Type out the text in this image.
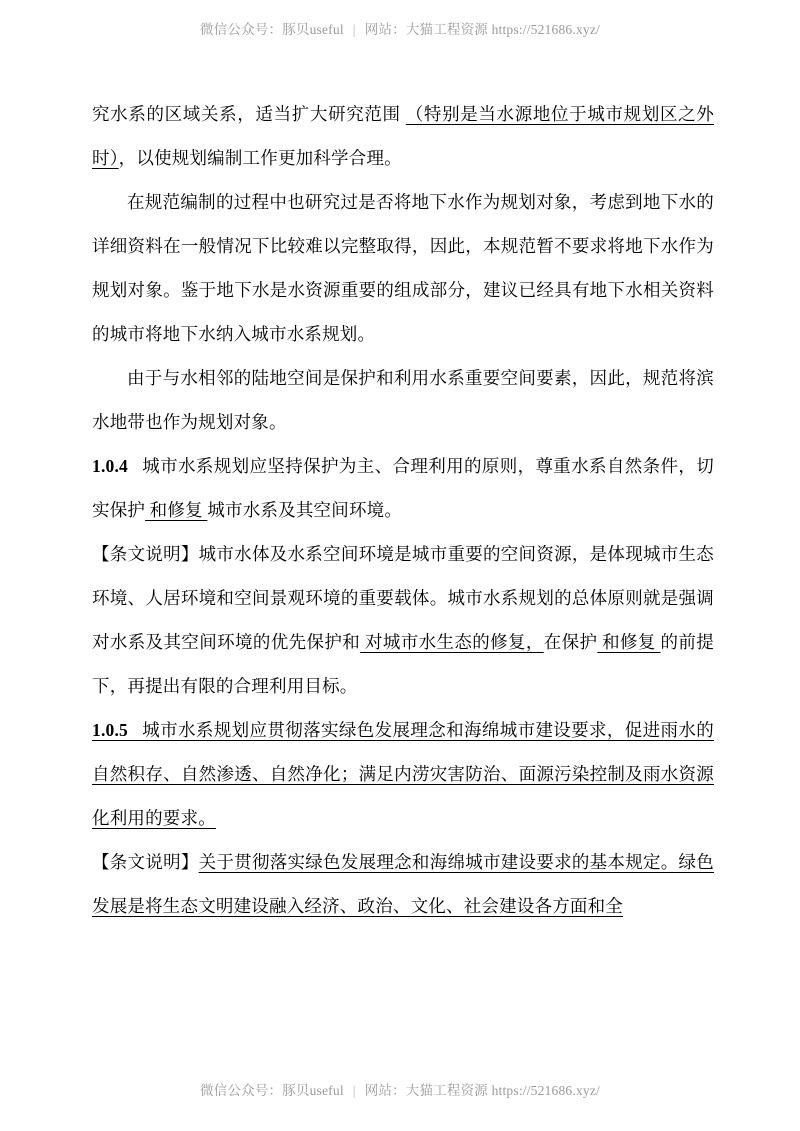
微信公众号：豚贝useful | 网站：大猫工程资源 https://521686.xyz/

究水系的区域关系，适当扩大研究范围 （特别是当水源地位于城市规划区之外时），以使规划编制工作更加科学合理。

在规范编制的过程中也研究过是否将地下水作为规划对象，考虑到地下水的详细资料在一般情况下比较难以完整取得，因此，本规范暂不要求将地下水作为规划对象。鉴于地下水是水资源重要的组成部分，建议已经具有地下水相关资料的城市将地下水纳入城市水系规划。

由于与水相邻的陆地空间是保护和利用水系重要空间要素，因此，规范将滨水地带也作为规划对象。

1.0.4 城市水系规划应坚持保护为主、合理利用的原则，尊重水系自然条件，切实保护 和修复 城市水系及其空间环境。

【条文说明】城市水体及水系空间环境是城市重要的空间资源，是体现城市生态环境、人居环境和空间景观环境的重要载体。城市水系规划的总体原则就是强调对水系及其空间环境的优先保护和 对城市水生态的修复，在保护 和修复 的前提下，再提出有限的合理利用目标。

1.0.5 城市水系规划应贯彻落实绿色发展理念和海绵城市建设要求，促进雨水的自然积存、自然渗透、自然净化；满足内涝灾害防治、面源污染控制及雨水资源化利用的要求。

【条文说明】关于贯彻落实绿色发展理念和海绵城市建设要求的基本规定。绿色发展是将生态文明建设融入经济、政治、文化、社会建设各方面和全

微信公众号：豚贝useful | 网站：大猫工程资源 https://521686.xyz/
